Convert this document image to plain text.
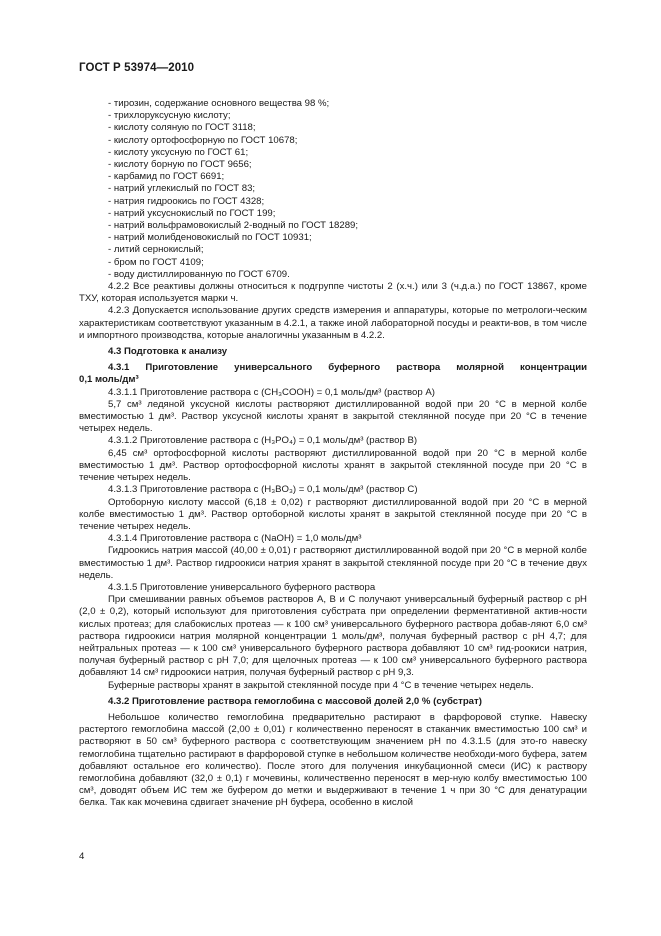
ГОСТ Р 53974—2010

- тирозин, содержание основного вещества 98 %;

- трихлоруксусную кислоту;

- кислоту соляную по ГОСТ 3118;

- кислоту ортофосфорную по ГОСТ 10678;

- кислоту уксусную по ГОСТ 61;

- кислоту борную по ГОСТ 9656;

- карбамид по ГОСТ 6691;

- натрий углекислый по ГОСТ 83;

- натрия гидроокись по ГОСТ 4328;

- натрий уксуснокислый по ГОСТ 199;

- натрий вольфрамовокислый 2-водный по ГОСТ 18289;

- натрий молибденовокислый по ГОСТ 10931;

- литий сернокислый;

- бром по ГОСТ 4109;

- воду дистиллированную по ГОСТ 6709.

4.2.2 Все реактивы должны относиться к подгруппе чистоты 2 (х.ч.) или 3 (ч.д.а.) по ГОСТ 13867, кроме ТХУ, которая используется марки ч.

4.2.3 Допускается использование других средств измерения и аппаратуры, которые по метрологи-ческим характеристикам соответствуют указанным в 4.2.1, а также иной лабораторной посуды и реакти-вов, в том числе и импортного производства, которые аналогичны указанным в 4.2.2.

4.3 Подготовка к анализу

4.3.1 Приготовление универсального буферного раствора молярной концентрации

0,1 моль/дм³

4.3.1.1 Приготовление раствора с (CH₃COOH) = 0,1 моль/дм³ (раствор А)

5,7 cм³ ледяной уксусной кислоты растворяют дистиллированной водой при 20 °С в мерной колбе вместимостью 1 дм³. Раствор уксусной кислоты хранят в закрытой стеклянной посуде при 20 °С в течение четырех недель.

4.3.1.2 Приготовление раствора с (H₃PO₄) = 0,1 моль/дм³ (раствор В)

6,45 см³ ортофосфорной кислоты растворяют дистиллированной водой при 20 °С в мерной колбе вместимостью 1 дм³. Раствор ортофосфорной кислоты хранят в закрытой стеклянной посуде при 20 °С в течение четырех недель.

4.3.1.3 Приготовление раствора с (H₃BO₃) = 0,1 моль/дм³ (раствор С)

Ортоборную кислоту массой (6,18 ± 0,02) г растворяют дистиллированной водой при 20 °С в мерной колбе вместимостью 1 дм³. Раствор ортоборной кислоты хранят в закрытой стеклянной посуде при 20 °С в течение четырех недель.

4.3.1.4 Приготовление раствора с (NaOH) = 1,0 моль/дм³

Гидроокись натрия массой (40,00 ± 0,01) г растворяют дистиллированной водой при 20 °С в мерной колбе вместимостью 1 дм³. Раствор гидроокиси натрия хранят в закрытой стеклянной посуде при 20 °С в течение двух недель.

4.3.1.5 Приготовление универсального буферного раствора

При смешивании равных объемов растворов А, В и С получают универсальный буферный раствор с рН (2,0 ± 0,2), который используют для приготовления субстрата при определении ферментативной актив-ности кислых протеаз; для слабокислых протеаз — к 100 см³ универсального буферного раствора добав-ляют 6,0 см³ раствора гидроокиси натрия молярной концентрации 1 моль/дм³, получая буферный раствор с рН 4,7; для нейтральных протеаз — к 100 см³ универсального буферного раствора добавляют 10 см³ гид-роокиси натрия, получая буферный раствор с рН 7,0; для щелочных протеаз — к 100 см³ универсального буферного раствора добавляют 14 см³ гидроокиси натрия, получая буферный раствор с рН 9,3.

Буферные растворы хранят в закрытой стеклянной посуде при 4 °С в течение четырех недель.

4.3.2 Приготовление раствора гемоглобина с массовой долей 2,0 % (субстрат)

Небольшое количество гемоглобина предварительно растирают в фарфоровой ступке. Навеску растертого гемоглобина массой (2,00 ± 0,01) г количественно переносят в стаканчик вместимостью 100 см³ и растворяют в 50 см³ буферного раствора с соответствующим значением рН по 4.3.1.5 (для это-го навеску гемоглобина тщательно растирают в фарфоровой ступке в небольшом количестве необходи-мого буфера, затем добавляют остальное его количество). После этого для получения инкубационной смеси (ИС) к раствору гемоглобина добавляют (32,0 ± 0,1) г мочевины, количественно переносят в мер-ную колбу вместимостью 100 см³, доводят объем ИС тем же буфером до метки и выдерживают в течение 1 ч при 30 °С для денатурации белка. Так как мочевина сдвигает значение рН буфера, особенно в кислой

4
